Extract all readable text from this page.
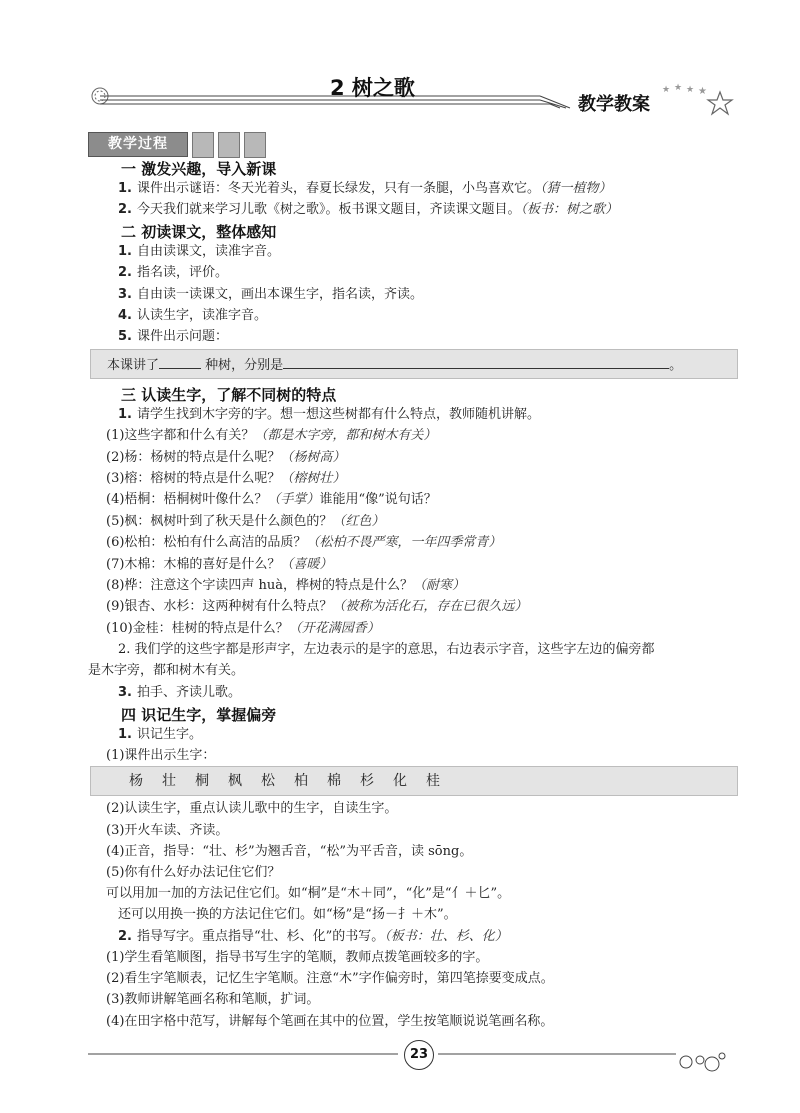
2 树之歌
教学教案
★ ★ ★ ★
教学过程
一 激发兴趣，导入新课
1. 课件出示谜语：冬天光着头，春夏长绿发，只有一条腿，小鸟喜欢它。（猜一植物）
2. 今天我们就来学习儿歌《树之歌》。板书课文题目，齐读课文题目。（板书：树之歌）
二 初读课文，整体感知
1. 自由读课文，读准字音。
2. 指名读，评价。
3. 自由读一读课文，画出本课生字，指名读，齐读。
4. 认读生字，读准字音。
5. 课件出示问题：
本课讲了	种树，分别是	。
三 认读生字，了解不同树的特点
1. 请学生找到木字旁的字。想一想这些树都有什么特点，教师随机讲解。
(1)这些字都和什么有关？（都是木字旁，都和树木有关）
(2)杨：杨树的特点是什么呢？（杨树高）
(3)榕：榕树的特点是什么呢？（榕树壮）
(4)梧桐：梧桐树叶像什么？（手掌）谁能用“像”说句话？
(5)枫：枫树叶到了秋天是什么颜色的？（红色）
(6)松柏：松柏有什么高洁的品质？（松柏不畏严寒，一年四季常青）
(7)木棉：木棉的喜好是什么？（喜暖）
(8)桦：注意这个字读四声 huà，桦树的特点是什么？（耐寒）
(9)银杏、水杉：这两种树有什么特点？（被称为活化石，存在已很久远）
(10)金桂：桂树的特点是什么？（开花满园香）
2. 我们学的这些字都是形声字，左边表示的是字的意思，右边表示字音，这些字左边的偏旁都
是木字旁，都和树木有关。
3. 拍手、齐读儿歌。
四 识记生字，掌握偏旁
1. 识记生字。
(1)课件出示生字：
杨 壮 桐 枫 松 柏 棉 杉 化 桂
(2)认读生字，重点认读儿歌中的生字，自读生字。
(3)开火车读、齐读。
(4)正音，指导：“壮、杉”为翘舌音，“松”为平舌音，读 sōng。
(5)你有什么好办法记住它们？
可以用加一加的方法记住它们。如“桐”是“木＋同”，“化”是“亻＋匕”。
还可以用换一换的方法记住它们。如“杨”是“扬－扌＋木”。
2. 指导写字。重点指导“壮、杉、化”的书写。（板书：壮、杉、化）
(1)学生看笔顺图，指导书写生字的笔顺，教师点拨笔画较多的字。
(2)看生字笔顺表，记忆生字笔顺。注意“木”字作偏旁时，第四笔捺要变成点。
(3)教师讲解笔画名称和笔顺，扩词。
(4)在田字格中范写，讲解每个笔画在其中的位置，学生按笔顺说说笔画名称。
23
